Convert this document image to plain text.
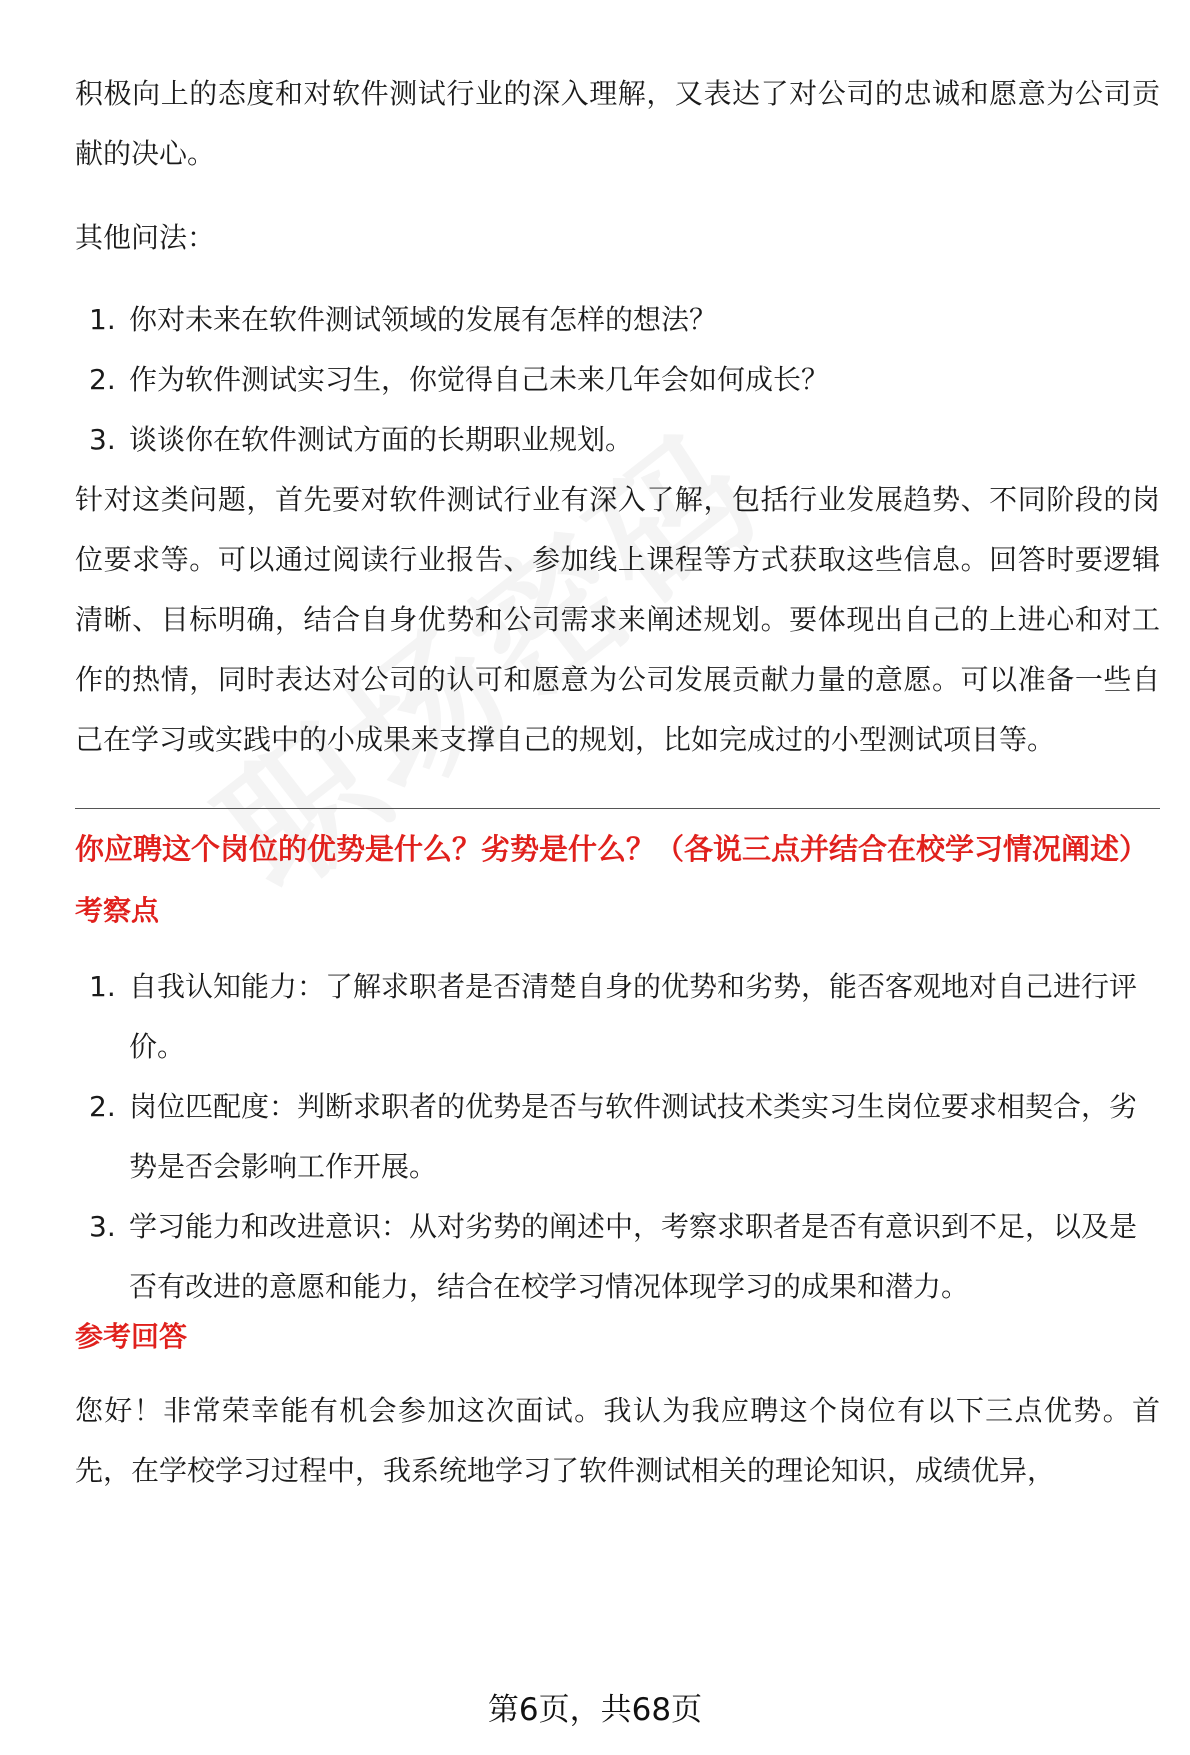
积极向上的态度和对软件测试行业的深入理解，又表达了对公司的忠诚和愿意为公司贡献的决心。

其他问法：

1. 你对未来在软件测试领域的发展有怎样的想法？
2. 作为软件测试实习生，你觉得自己未来几年会如何成长？
3. 谈谈你在软件测试方面的长期职业规划。

针对这类问题，首先要对软件测试行业有深入了解，包括行业发展趋势、不同阶段的岗位要求等。可以通过阅读行业报告、参加线上课程等方式获取这些信息。回答时要逻辑清晰、目标明确，结合自身优势和公司需求来阐述规划。要体现出自己的上进心和对工作的热情，同时表达对公司的认可和愿意为公司发展贡献力量的意愿。可以准备一些自己在学习或实践中的小成果来支撑自己的规划，比如完成过的小型测试项目等。

你应聘这个岗位的优势是什么？劣势是什么？（各说三点并结合在校学习情况阐述）
考察点
1. 自我认知能力：了解求职者是否清楚自身的优势和劣势，能否客观地对自己进行评价。
2. 岗位匹配度：判断求职者的优势是否与软件测试技术类实习生岗位要求相契合，劣势是否会影响工作开展。
3. 学习能力和改进意识：从对劣势的阐述中，考察求职者是否有意识到不足，以及是否有改进的意愿和能力，结合在校学习情况体现学习的成果和潜力。
参考回答

您好！非常荣幸能有机会参加这次面试。我认为我应聘这个岗位有以下三点优势。首先，在学校学习过程中，我系统地学习了软件测试相关的理论知识，成绩优异，

第6页，共68页
